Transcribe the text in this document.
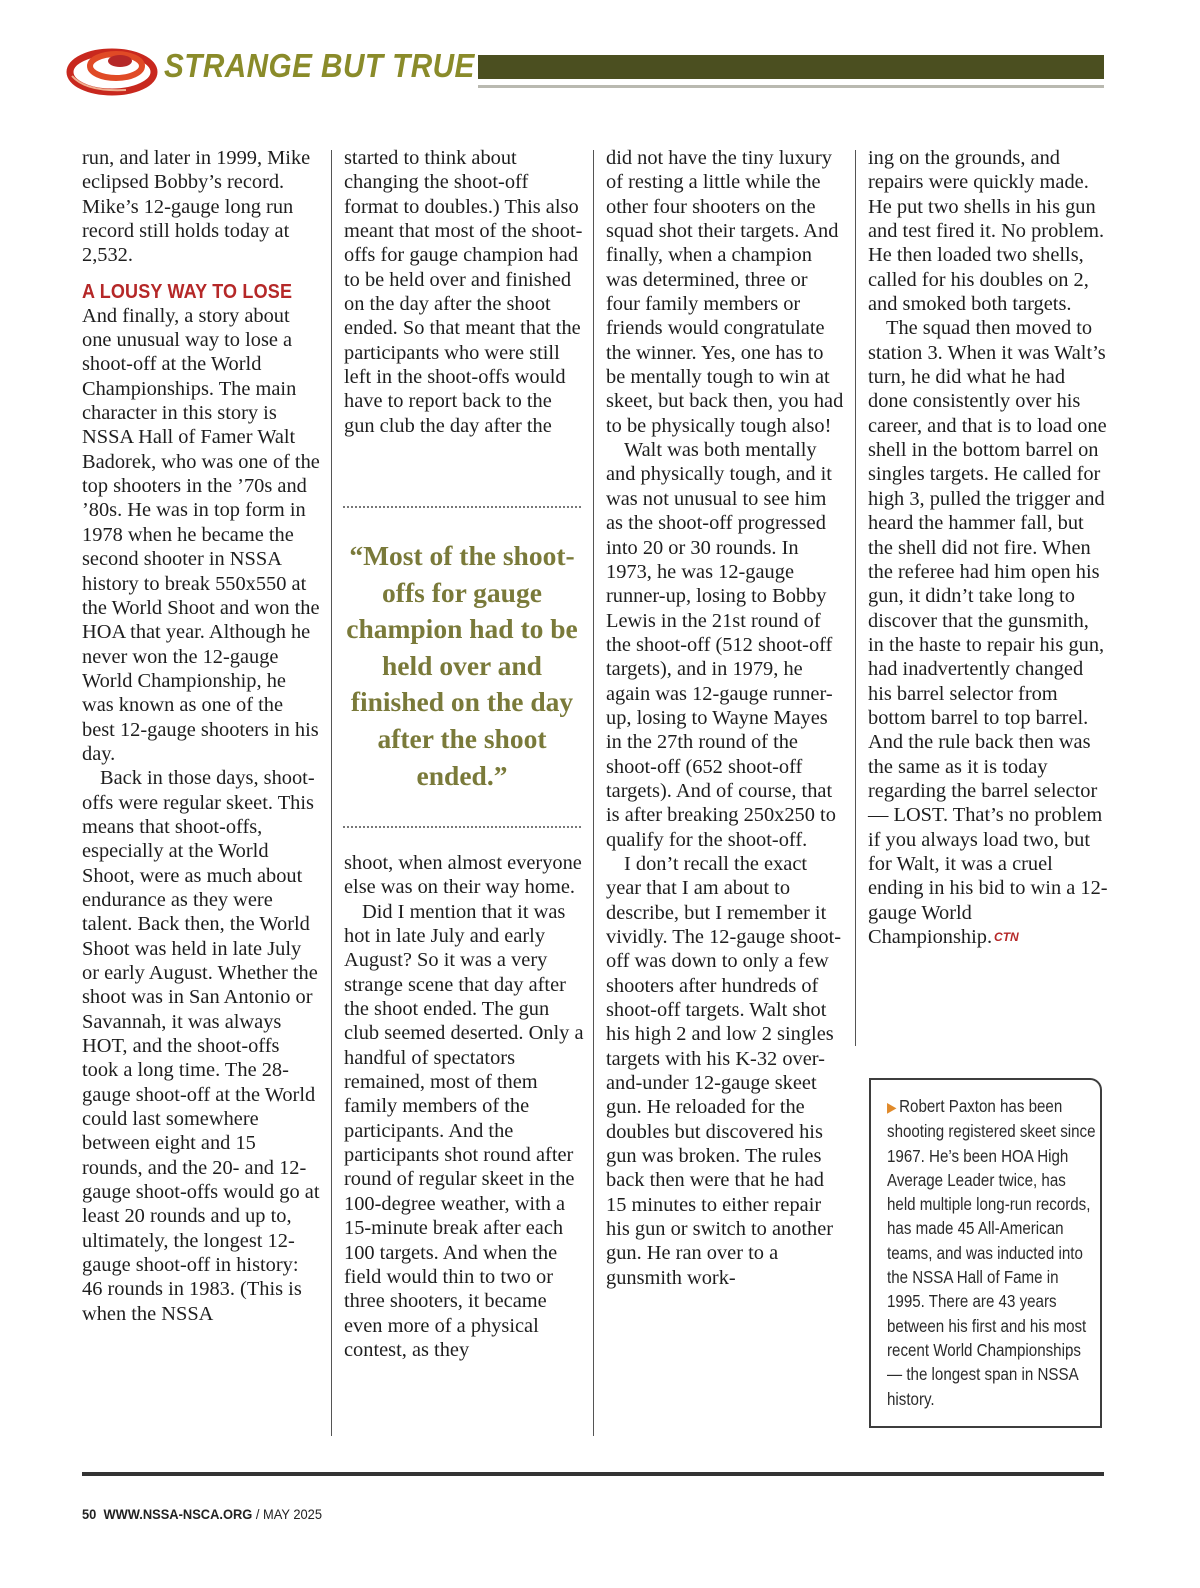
STRANGE BUT TRUE

run, and later in 1999, Mike eclipsed Bobby’s record. Mike’s 12-gauge long run record still holds today at 2,532.

A LOUSY WAY TO LOSE

And finally, a story about one unusual way to lose a shoot-off at the World Championships. The main character in this story is NSSA Hall of Famer Walt Badorek, who was one of the top shooters in the ’70s and ’80s. He was in top form in 1978 when he became the second shooter in NSSA history to break 550x550 at the World Shoot and won the HOA that year. Although he never won the 12-gauge World Championship, he was known as one of the best 12-gauge shooters in his day.

Back in those days, shoot-offs were regular skeet. This means that shoot-offs, especially at the World Shoot, were as much about endurance as they were talent. Back then, the World Shoot was held in late July or early August. Whether the shoot was in San Antonio or Savannah, it was always HOT, and the shoot-offs took a long time. The 28-gauge shoot-off at the World could last somewhere between eight and 15 rounds, and the 20- and 12-gauge shoot-offs would go at least 20 rounds and up to, ultimately, the longest 12-gauge shoot-off in history: 46 rounds in 1983. (This is when the NSSA

started to think about changing the shoot-off format to doubles.) This also meant that most of the shoot-offs for gauge champion had to be held over and finished on the day after the shoot ended. So that meant that the participants who were still left in the shoot-offs would have to report back to the gun club the day after the

“Most of the shoot-offs for gauge champion had to be held over and finished on the day after the shoot ended.”

shoot, when almost everyone else was on their way home.

Did I mention that it was hot in late July and early August? So it was a very strange scene that day after the shoot ended. The gun club seemed deserted. Only a handful of spectators remained, most of them family members of the participants. And the participants shot round after round of regular skeet in the 100-degree weather, with a 15-minute break after each 100 targets. And when the field would thin to two or three shooters, it became even more of a physical contest, as they

did not have the tiny luxury of resting a little while the other four shooters on the squad shot their targets. And finally, when a champion was determined, three or four family members or friends would congratulate the winner. Yes, one has to be mentally tough to win at skeet, but back then, you had to be physically tough also!

Walt was both mentally and physically tough, and it was not unusual to see him as the shoot-off progressed into 20 or 30 rounds. In 1973, he was 12-gauge runner-up, losing to Bobby Lewis in the 21st round of the shoot-off (512 shoot-off targets), and in 1979, he again was 12-gauge runner-up, losing to Wayne Mayes in the 27th round of the shoot-off (652 shoot-off targets). And of course, that is after breaking 250x250 to qualify for the shoot-off.

I don’t recall the exact year that I am about to describe, but I remember it vividly. The 12-gauge shoot-off was down to only a few shooters after hundreds of shoot-off targets. Walt shot his high 2 and low 2 singles targets with his K-32 over-and-under 12-gauge skeet gun. He reloaded for the doubles but discovered his gun was broken. The rules back then were that he had 15 minutes to either repair his gun or switch to another gun. He ran over to a gunsmith work-

ing on the grounds, and repairs were quickly made. He put two shells in his gun and test fired it. No problem. He then loaded two shells, called for his doubles on 2, and smoked both targets.

The squad then moved to station 3. When it was Walt’s turn, he did what he had done consistently over his career, and that is to load one shell in the bottom barrel on singles targets. He called for high 3, pulled the trigger and heard the hammer fall, but the shell did not fire. When the referee had him open his gun, it didn’t take long to discover that the gunsmith, in the haste to repair his gun, had inadvertently changed his barrel selector from bottom barrel to top barrel. And the rule back then was the same as it is today regarding the barrel selector — LOST. That’s no problem if you always load two, but for Walt, it was a cruel ending in his bid to win a 12-gauge World Championship. CTN

▶ Robert Paxton has been shooting registered skeet since 1967. He’s been HOA High Average Leader twice, has held multiple long-run records, has made 45 All-American teams, and was inducted into the NSSA Hall of Fame in 1995. There are 43 years between his first and his most recent World Championships — the longest span in NSSA history.
50 WWW.NSSA-NSCA.ORG / MAY 2025
